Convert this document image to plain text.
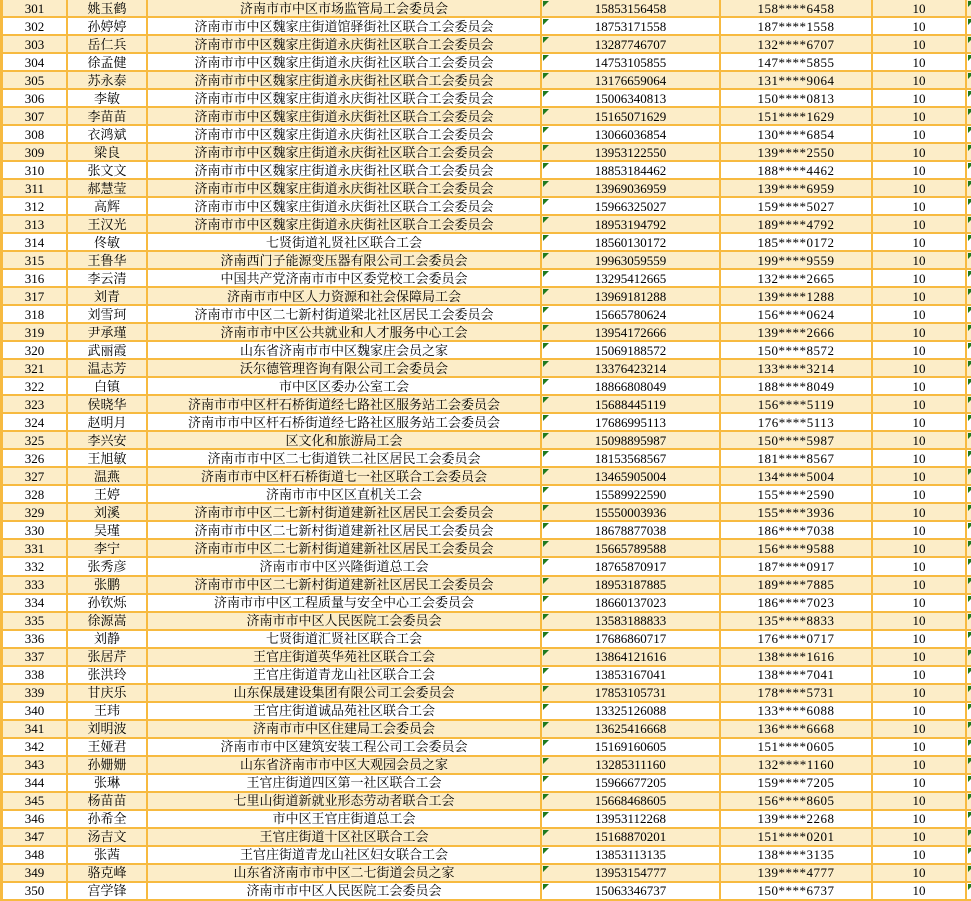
301	姚玉鹤	济南市市中区市场监管局工会委员会	15853156458	158****6458	10
302	孙婷婷	济南市市中区魏家庄街道馆驿街社区联合工会委员会	18753171558	187****1558	10
303	岳仁兵	济南市市中区魏家庄街道永庆街社区联合工会委员会	13287746707	132****6707	10
304	徐孟健	济南市市中区魏家庄街道永庆街社区联合工会委员会	14753105855	147****5855	10
305	苏永泰	济南市市中区魏家庄街道永庆街社区联合工会委员会	13176659064	131****9064	10
306	李敏	济南市市中区魏家庄街道永庆街社区联合工会委员会	15006340813	150****0813	10
307	李苗苗	济南市市中区魏家庄街道永庆街社区联合工会委员会	15165071629	151****1629	10
308	衣鸿斌	济南市市中区魏家庄街道永庆街社区联合工会委员会	13066036854	130****6854	10
309	梁良	济南市市中区魏家庄街道永庆街社区联合工会委员会	13953122550	139****2550	10
310	张文文	济南市市中区魏家庄街道永庆街社区联合工会委员会	18853184462	188****4462	10
311	郝慧莹	济南市市中区魏家庄街道永庆街社区联合工会委员会	13969036959	139****6959	10
312	高辉	济南市市中区魏家庄街道永庆街社区联合工会委员会	15966325027	159****5027	10
313	王汉光	济南市市中区魏家庄街道永庆街社区联合工会委员会	18953194792	189****4792	10
314	佟敏	七贤街道礼贤社区联合工会	18560130172	185****0172	10
315	王鲁华	济南西门子能源变压器有限公司工会委员会	19963059559	199****9559	10
316	李云清	中国共产党济南市市中区委党校工会委员会	13295412665	132****2665	10
317	刘青	济南市市中区人力资源和社会保障局工会	13969181288	139****1288	10
318	刘雪珂	济南市市中区二七新村街道梁北社区居民工会委员会	15665780624	156****0624	10
319	尹承瑾	济南市市中区公共就业和人才服务中心工会	13954172666	139****2666	10
320	武丽霞	山东省济南市市中区魏家庄会员之家	15069188572	150****8572	10
321	温志芳	沃尔德管理咨询有限公司工会委员会	13376423214	133****3214	10
322	白镇	市中区区委办公室工会	18866808049	188****8049	10
323	侯晓华	济南市市中区杆石桥街道经七路社区服务站工会委员会	15688445119	156****5119	10
324	赵明月	济南市市中区杆石桥街道经七路社区服务站工会委员会	17686995113	176****5113	10
325	李兴安	区文化和旅游局工会	15098895987	150****5987	10
326	王旭敏	济南市市中区二七街道铁二社区居民工会委员会	18153568567	181****8567	10
327	温燕	济南市市中区杆石桥街道七一社区联合工会委员会	13465905004	134****5004	10
328	王婷	济南市市中区区直机关工会	15589922590	155****2590	10
329	刘溪	济南市市中区二七新村街道建新社区居民工会委员会	15550003936	155****3936	10
330	吴瑾	济南市市中区二七新村街道建新社区居民工会委员会	18678877038	186****7038	10
331	李宁	济南市市中区二七新村街道建新社区居民工会委员会	15665789588	156****9588	10
332	张秀彦	济南市市中区兴隆街道总工会	18765870917	187****0917	10
333	张鹏	济南市市中区二七新村街道建新社区居民工会委员会	18953187885	189****7885	10
334	孙钦烁	济南市市中区工程质量与安全中心工会委员会	18660137023	186****7023	10
335	徐源嵩	济南市市中区人民医院工会委员会	13583188833	135****8833	10
336	刘静	七贤街道汇贤社区联合工会	17686860717	176****0717	10
337	张居芹	王官庄街道英华苑社区联合工会	13864121616	138****1616	10
338	张洪玲	王官庄街道青龙山社区联合工会	13853167041	138****7041	10
339	甘庆乐	山东保晟建设集团有限公司工会委员会	17853105731	178****5731	10
340	王玮	王官庄街道诚品苑社区联合工会	13325126088	133****6088	10
341	刘明波	济南市市中区住建局工会委员会	13625416668	136****6668	10
342	王娅君	济南市市中区建筑安装工程公司工会委员会	15169160605	151****0605	10
343	孙姗姗	山东省济南市市中区大观园会员之家	13285311160	132****1160	10
344	张琳	王官庄街道四区第一社区联合工会	15966677205	159****7205	10
345	杨苗苗	七里山街道新就业形态劳动者联合工会	15668468605	156****8605	10
346	孙希全	市中区王官庄街道总工会	13953112268	139****2268	10
347	汤吉文	王官庄街道十区社区联合工会	15168870201	151****0201	10
348	张茜	王官庄街道青龙山社区妇女联合工会	13853113135	138****3135	10
349	骆克峰	山东省济南市市中区二七街道会员之家	13953154777	139****4777	10
350	宫学锋	济南市市中区人民医院工会委员会	15063346737	150****6737	10
